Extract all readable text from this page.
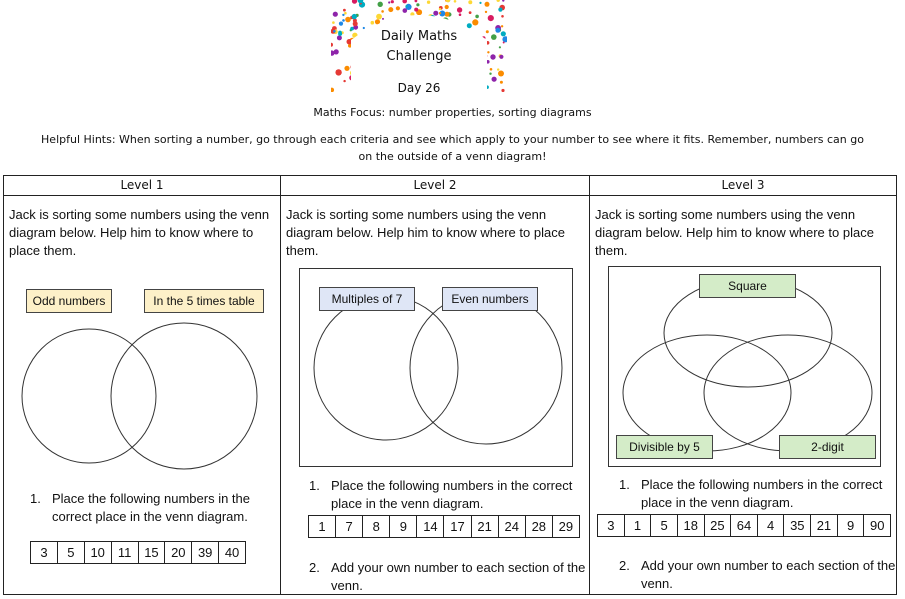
Daily Maths
Challenge
Day 26
Maths Focus: number properties, sorting diagrams
Helpful Hints: When sorting a number, go through each criteria and see which apply to your number to see where it fits. Remember, numbers can go
on the outside of a venn diagram!
Level 1
Jack is sorting some numbers using the venn
diagram below. Help him to know where to
place them.
Odd numbers	In the 5 times table
1. Place the following numbers in the
correct place in the venn diagram.
3	5	10 11 15 20 39 40
Level 2
Jack is sorting some numbers using the venn
diagram below. Help him to know where to place
them.
Multiples of 7	Even numbers
1. Place the following numbers in the correct
place in the venn diagram.
1	7	8	9	14 17 21 24 28 29
2. Add your own number to each section of the
venn.
Level 3
Jack is sorting some numbers using the venn
diagram below. Help him to know where to place
them.
Square
Divisible by 5	2-digit
1. Place the following numbers in the correct
place in the venn diagram.
3	1	5	18 25 64	4	35 21	9	90
2. Add your own number to each section of the
venn.
